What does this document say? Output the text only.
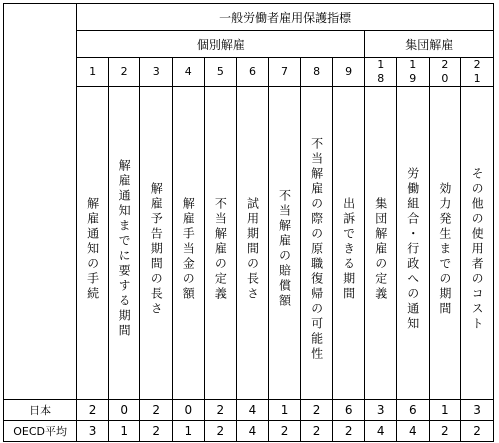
	一般労働者雇用保護指標												
	個別解雇									集団解雇			

	1	2	3	4	5	6	7	8	9	18	19	20	21

	解雇通知の手続	解雇通知までに要する期間	解雇予告期間の長さ	解雇手当金の額	不当解雇の定義	試用期間の長さ	不当解雇の賠償額	不当解雇の際の原職復帰の可能性	出訴できる期間	集団解雇の定義	労働組合・行政への通知	効力発生までの期間	その他の使用者のコスト

日本	2	0	2	0	2	4	1	2	6	3	6	1	3
OECD平均	3	1	2	1	2	4	2	2	2	4	4	2	2
